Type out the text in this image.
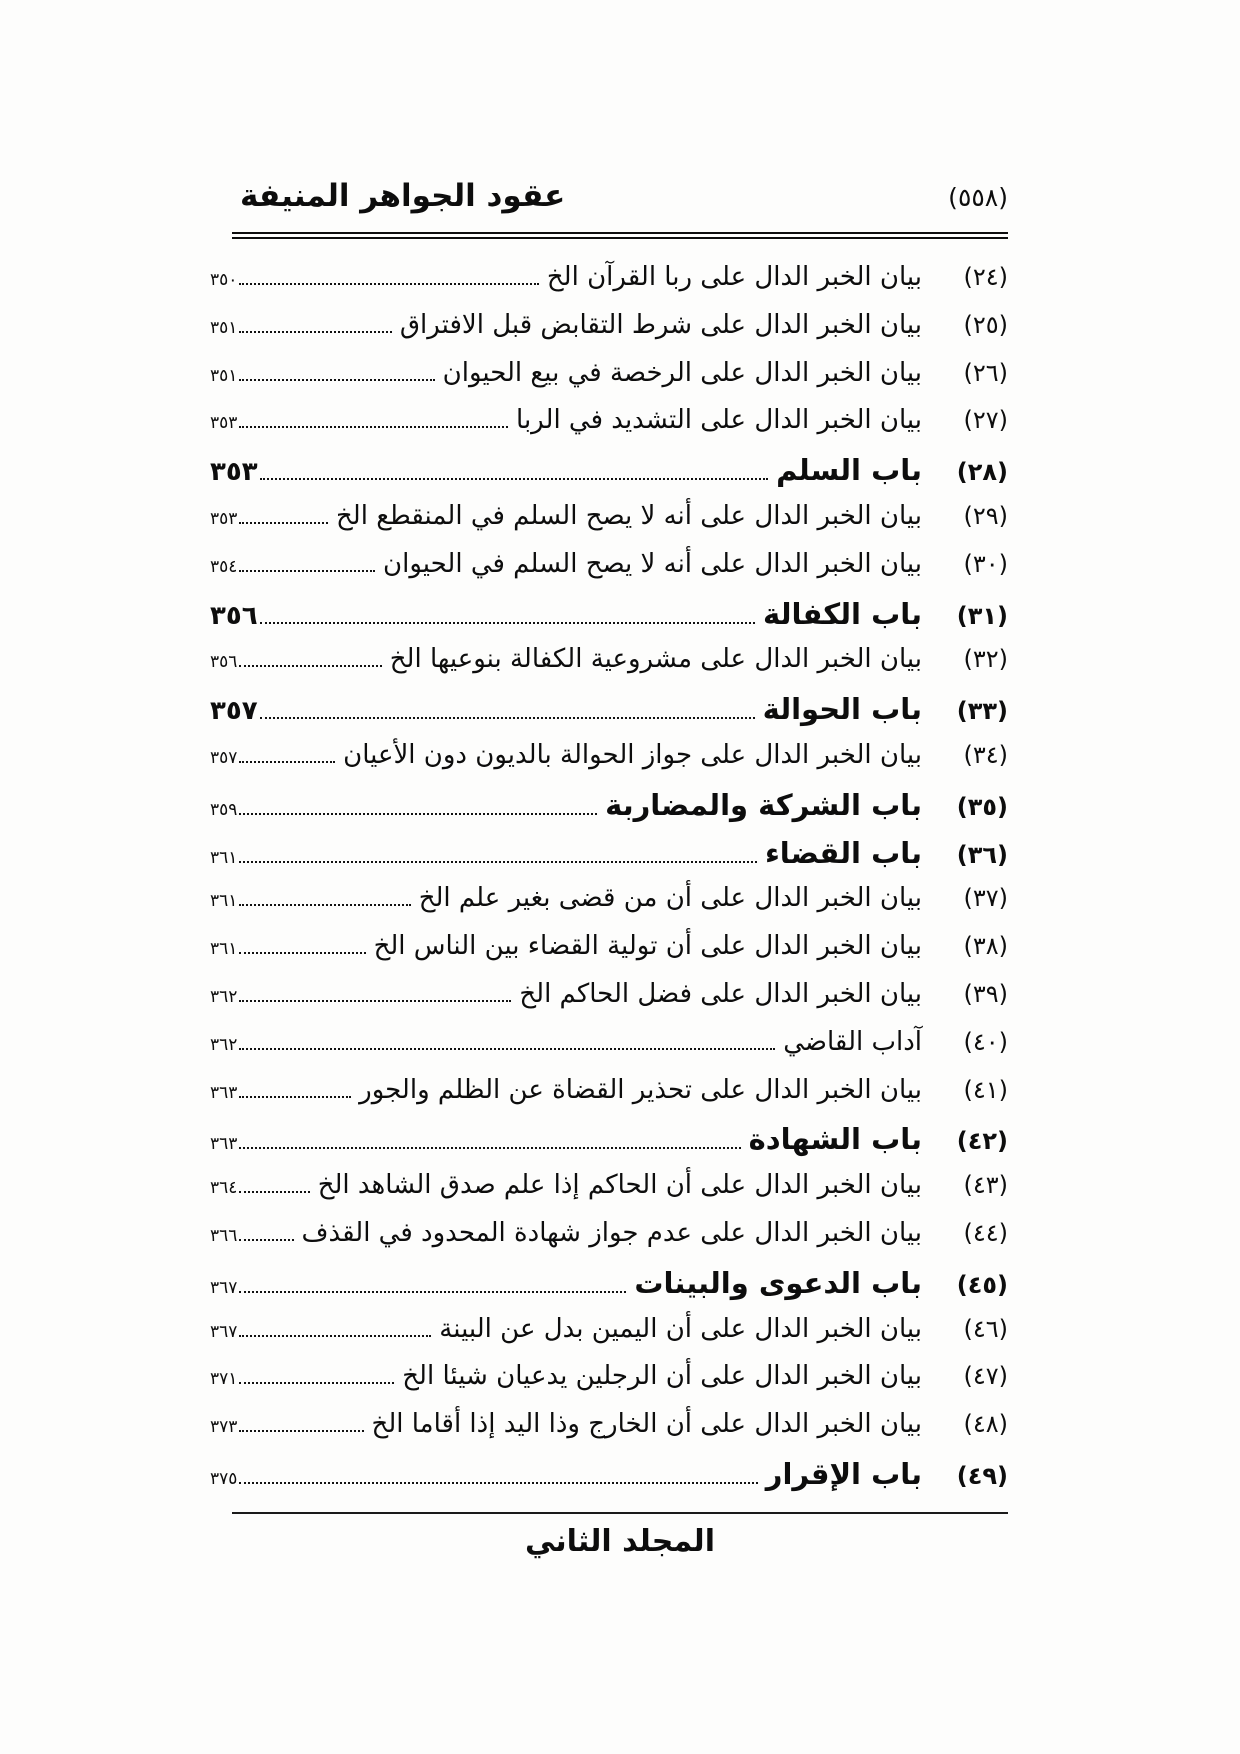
(٥٥٨)
عقود الجواهر المنيفة
(٢٤)
بيان الخبر الدال على ربا القرآن الخ
٣٥٠
(٢٥)
بيان الخبر الدال على شرط التقابض قبل الافتراق
٣٥١
(٢٦)
بيان الخبر الدال على الرخصة في بيع الحيوان
٣٥١
(٢٧)
بيان الخبر الدال على التشديد في الربا
٣٥٣
(٢٨)
باب السلم
٣٥٣
(٢٩)
بيان الخبر الدال على أنه لا يصح السلم في المنقطع الخ
٣٥٣
(٣٠)
بيان الخبر الدال على أنه لا يصح السلم في الحيوان
٣٥٤
(٣١)
باب الكفالة
٣٥٦
(٣٢)
بيان الخبر الدال على مشروعية الكفالة بنوعيها الخ
٣٥٦
(٣٣)
باب الحوالة
٣٥٧
(٣٤)
بيان الخبر الدال على جواز الحوالة بالديون دون الأعيان
٣٥٧
(٣٥)
باب الشركة والمضاربة
٣٥٩
(٣٦)
باب القضاء
٣٦١
(٣٧)
بيان الخبر الدال على أن من قضى بغير علم الخ
٣٦١
(٣٨)
بيان الخبر الدال على أن تولية القضاء بين الناس الخ
٣٦١
(٣٩)
بيان الخبر الدال على فضل الحاكم الخ
٣٦٢
(٤٠)
آداب القاضي
٣٦٢
(٤١)
بيان الخبر الدال على تحذير القضاة عن الظلم والجور
٣٦٣
(٤٢)
باب الشهادة
٣٦٣
(٤٣)
بيان الخبر الدال على أن الحاكم إذا علم صدق الشاهد الخ
٣٦٤
(٤٤)
بيان الخبر الدال على عدم جواز شهادة المحدود في القذف
٣٦٦
(٤٥)
باب الدعوى والبينات
٣٦٧
(٤٦)
بيان الخبر الدال على أن اليمين بدل عن البينة
٣٦٧
(٤٧)
بيان الخبر الدال على أن الرجلين يدعيان شيئا الخ
٣٧١
(٤٨)
بيان الخبر الدال على أن الخارج وذا اليد إذا أقاما الخ
٣٧٣
(٤٩)
باب الإقرار
٣٧٥
المجلد الثاني
